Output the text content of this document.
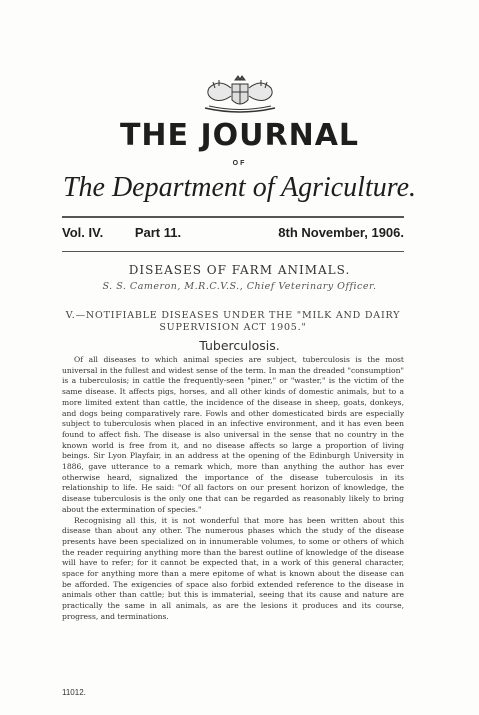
THE JOURNAL
OF
The Department of Agriculture.
Vol. IV. Part 11.	8th November, 1906.
DISEASES OF FARM ANIMALS.
S. S. Cameron, M.R.C.V.S., Chief Veterinary Officer.
V.—NOTIFIABLE DISEASES UNDER THE "MILK AND DAIRY SUPERVISION ACT 1905."
Tuberculosis.

Of all diseases to which animal species are subject, tuberculosis is the most universal in the fullest and widest sense of the term. In man the dreaded "consumption" is a tuberculosis; in cattle the frequently-seen "piner," or "waster," is the victim of the same disease. It affects pigs, horses, and all other kinds of domestic animals, but to a more limited extent than cattle, the incidence of the disease in sheep, goats, donkeys, and dogs being comparatively rare. Fowls and other domesticated birds are especially subject to tuberculosis when placed in an infective environment, and it has even been found to affect fish. The disease is also universal in the sense that no country in the known world is free from it, and no disease affects so large a proportion of living beings. Sir Lyon Playfair, in an address at the opening of the Edinburgh University in 1886, gave utterance to a remark which, more than anything the author has ever otherwise heard, signalized the importance of the disease tuberculosis in its relationship to life. He said: "Of all factors on our present horizon of knowledge, the disease tuberculosis is the only one that can be regarded as reasonably likely to bring about the extermination of species."

Recognising all this, it is not wonderful that more has been written about this disease than about any other. The numerous phases which the study of the disease presents have been specialized on in innumerable volumes, to some or others of which the reader requiring anything more than the barest outline of knowledge of the disease will have to refer; for it cannot be expected that, in a work of this general character, space for anything more than a mere epitome of what is known about the disease can be afforded. The exigencies of space also forbid extended reference to the disease in animals other than cattle; but this is immaterial, seeing that its cause and nature are practically the same in all animals, as are the lesions it produces and its course, progress, and terminations.

11012.
